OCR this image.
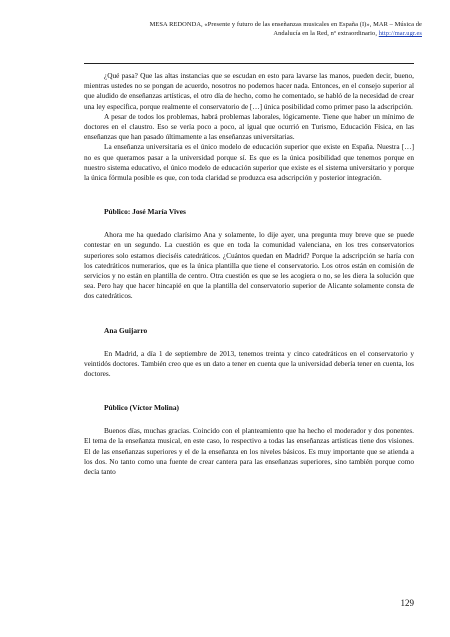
MESA REDONDA, «Presente y futuro de las enseñanzas musicales en España (I)», MAR – Música de
Andalucía en la Red, nº extraordinario, http://mar.ugr.es

¿Qué pasa? Que las altas instancias que se escudan en esto para lavarse las manos, pueden decir, bueno, mientras ustedes no se pongan de acuerdo, nosotros no podemos hacer nada. Entonces, en el consejo superior al que aludido de enseñanzas artísticas, el otro día de hecho, como he comentado, se habló de la necesidad de crear una ley específica, porque realmente el conservatorio de […] única posibilidad como primer paso la adscripción.

A pesar de todos los problemas, habrá problemas laborales, lógicamente. Tiene que haber un mínimo de doctores en el claustro. Eso se vería poco a poco, al igual que ocurrió en Turismo, Educación Física, en las enseñanzas que han pasado últimamente a las enseñanzas universitarias.

La enseñanza universitaria es el único modelo de educación superior que existe en España. Nuestra […] no es que queramos pasar a la universidad porque sí. Es que es la única posibilidad que tenemos porque en nuestro sistema educativo, el único modelo de educación superior que existe es el sistema universitario y porque la única fórmula posible es que, con toda claridad se produzca esa adscripción y posterior integración.

Público: José María Vives

Ahora me ha quedado clarísimo Ana y solamente, lo dije ayer, una pregunta muy breve que se puede contestar en un segundo. La cuestión es que en toda la comunidad valenciana, en los tres conservatorios superiores solo estamos dieciséis catedráticos. ¿Cuántos quedan en Madrid? Porque la adscripción se haría con los catedráticos numerarios, que es la única plantilla que tiene el conservatorio. Los otros están en comisión de servicios y no están en plantilla de centro. Otra cuestión es que se les acogiera o no, se les diera la solución que sea. Pero hay que hacer hincapié en que la plantilla del conservatorio superior de Alicante solamente consta de dos catedráticos.

Ana Guijarro

En Madrid, a día 1 de septiembre de 2013, tenemos treinta y cinco catedráticos en el conservatorio y veintidós doctores. También creo que es un dato a tener en cuenta que la universidad debería tener en cuenta, los doctores.

Público (Víctor Molina)

Buenos días, muchas gracias. Coincido con el planteamiento que ha hecho el moderador y dos ponentes. El tema de la enseñanza musical, en este caso, lo respectivo a todas las enseñanzas artísticas tiene dos visiones. El de las enseñanzas superiores y el de la enseñanza en los niveles básicos. Es muy importante que se atienda a los dos. No tanto como una fuente de crear cantera para las enseñanzas superiores, sino también porque como decía tanto

129
